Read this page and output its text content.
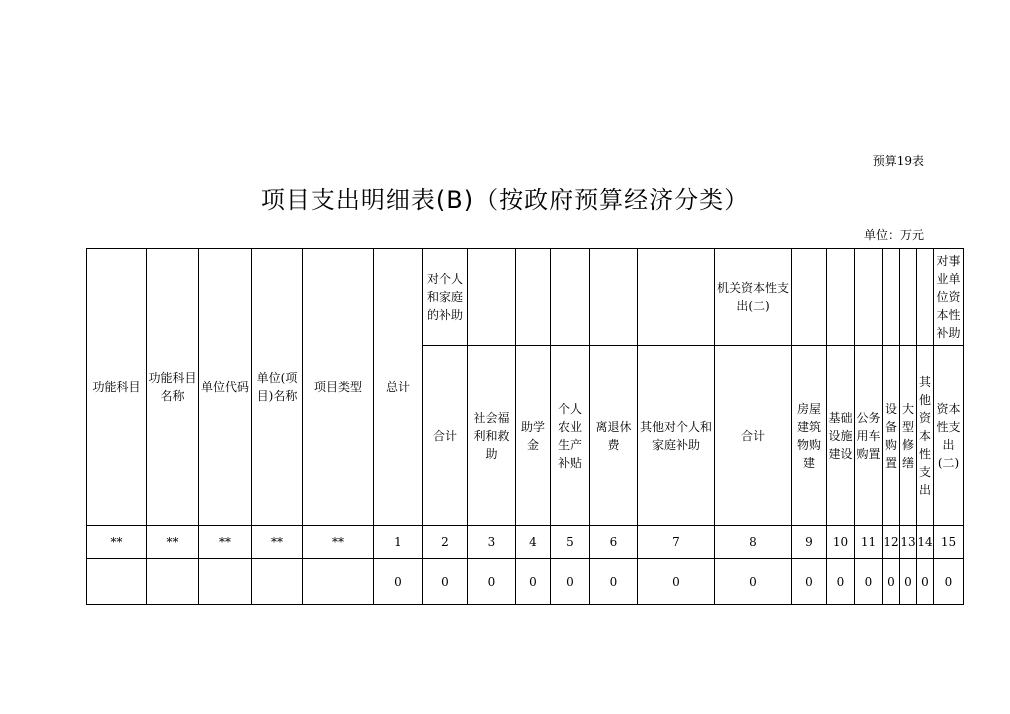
预算19表
项目支出明细表(B)（按政府预算经济分类）
单位：万元
功能科目	功能科目名称	单位代码	单位(项目)名称	项目类型	总计	对个人和家庭的补助						机关资本性支出(二)							对事业单位资本性补助
						合计	社会福利和救助	助学金	个人农业生产补贴	离退休费	其他对个人和家庭补助	合计	房屋建筑物购建	基础设施建设	公务用车购置	设备购置	大型修缮	其他资本性支出	资本性支出(二)
**	**	**	**	**	1	2	3	4	5	6	7	8	9	10	11	12	13	14	15
					0	0	0	0	0	0	0	0	0	0	0	0	0	0	0
